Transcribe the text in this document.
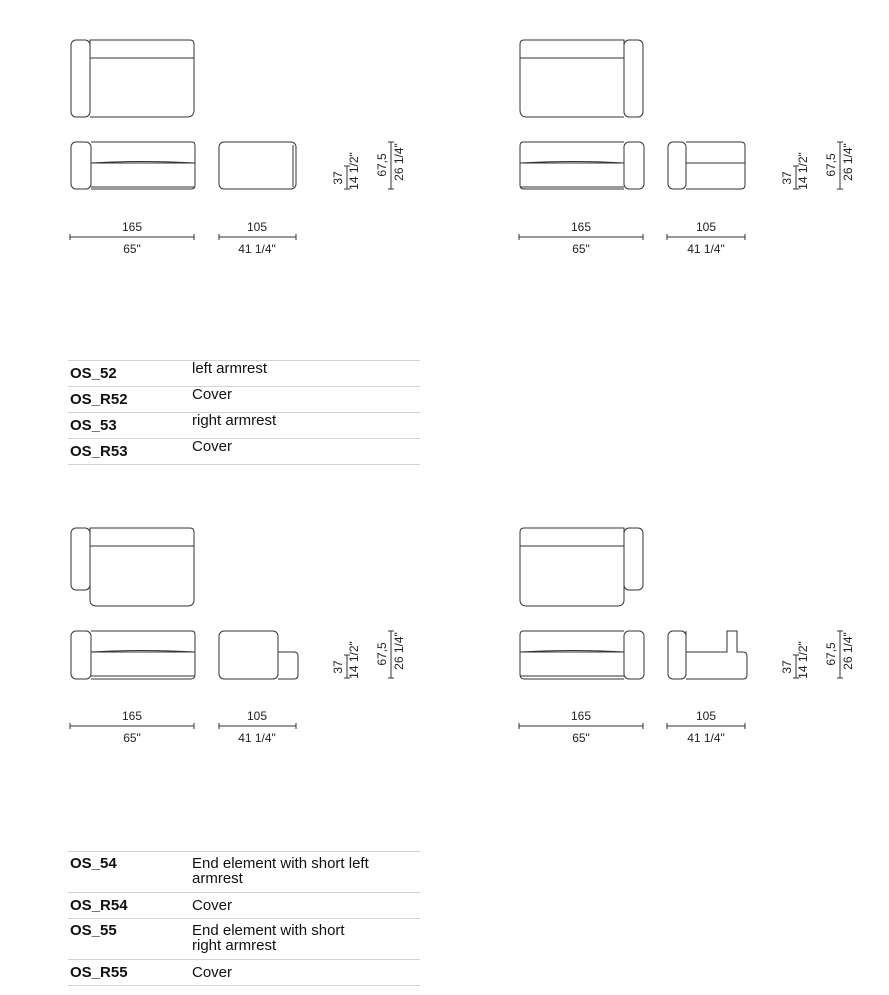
165
65"
105
41 1/4"
37 14 1/2" 67,5 26 1/4"
165
65"
105
41 1/4"
37 14 1/2" 67,5 26 1/4"
165
65"
105
41 1/4"
37 14 1/2" 67,5 26 1/4"
165
65"
105
41 1/4"
37 14 1/2" 67,5 26 1/4"
OS_52	left armrest
OS_R52	Cover
OS_53	right armrest
OS_R53	Cover
OS_54	End element with short left
armrest

OS_R54	Cover
OS_55	End element with short
right armrest

OS_R55	Cover
